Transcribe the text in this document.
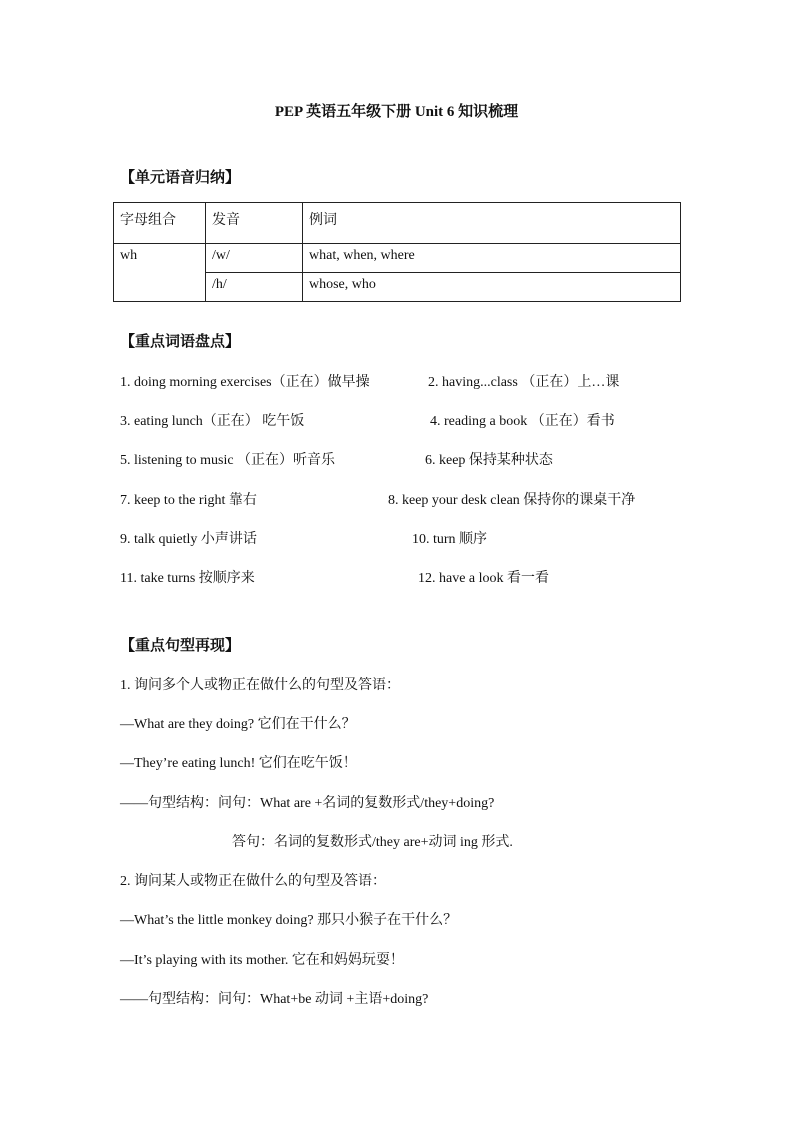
PEP 英语五年级下册 Unit 6 知识梳理
【单元语音归纳】
字母组合	发音	例词
wh	/w/	what, when, where
	/h/	whose, who
【重点词语盘点】
1. doing morning exercises（正在）做早操	2. having...class （正在）上…课
3. eating lunch（正在） 吃午饭	4. reading a book （正在）看书
5. listening to music （正在）听音乐	6. keep 保持某种状态
7. keep to the right 靠右	8. keep your desk clean 保持你的课桌干净
9. talk quietly 小声讲话	10. turn 顺序
11. take turns 按顺序来	12. have a look 看一看
【重点句型再现】
1. 询问多个人或物正在做什么的句型及答语：
—What are they doing? 它们在干什么？
—They’re eating lunch! 它们在吃午饭！
——句型结构：问句：What are +名词的复数形式/they+doing?
答句：名词的复数形式/they are+动词 ing 形式.
2. 询问某人或物正在做什么的句型及答语：
—What’s the little monkey doing? 那只小猴子在干什么？
—It’s playing with its mother. 它在和妈妈玩耍！
——句型结构：问句：What+be 动词 +主语+doing?
